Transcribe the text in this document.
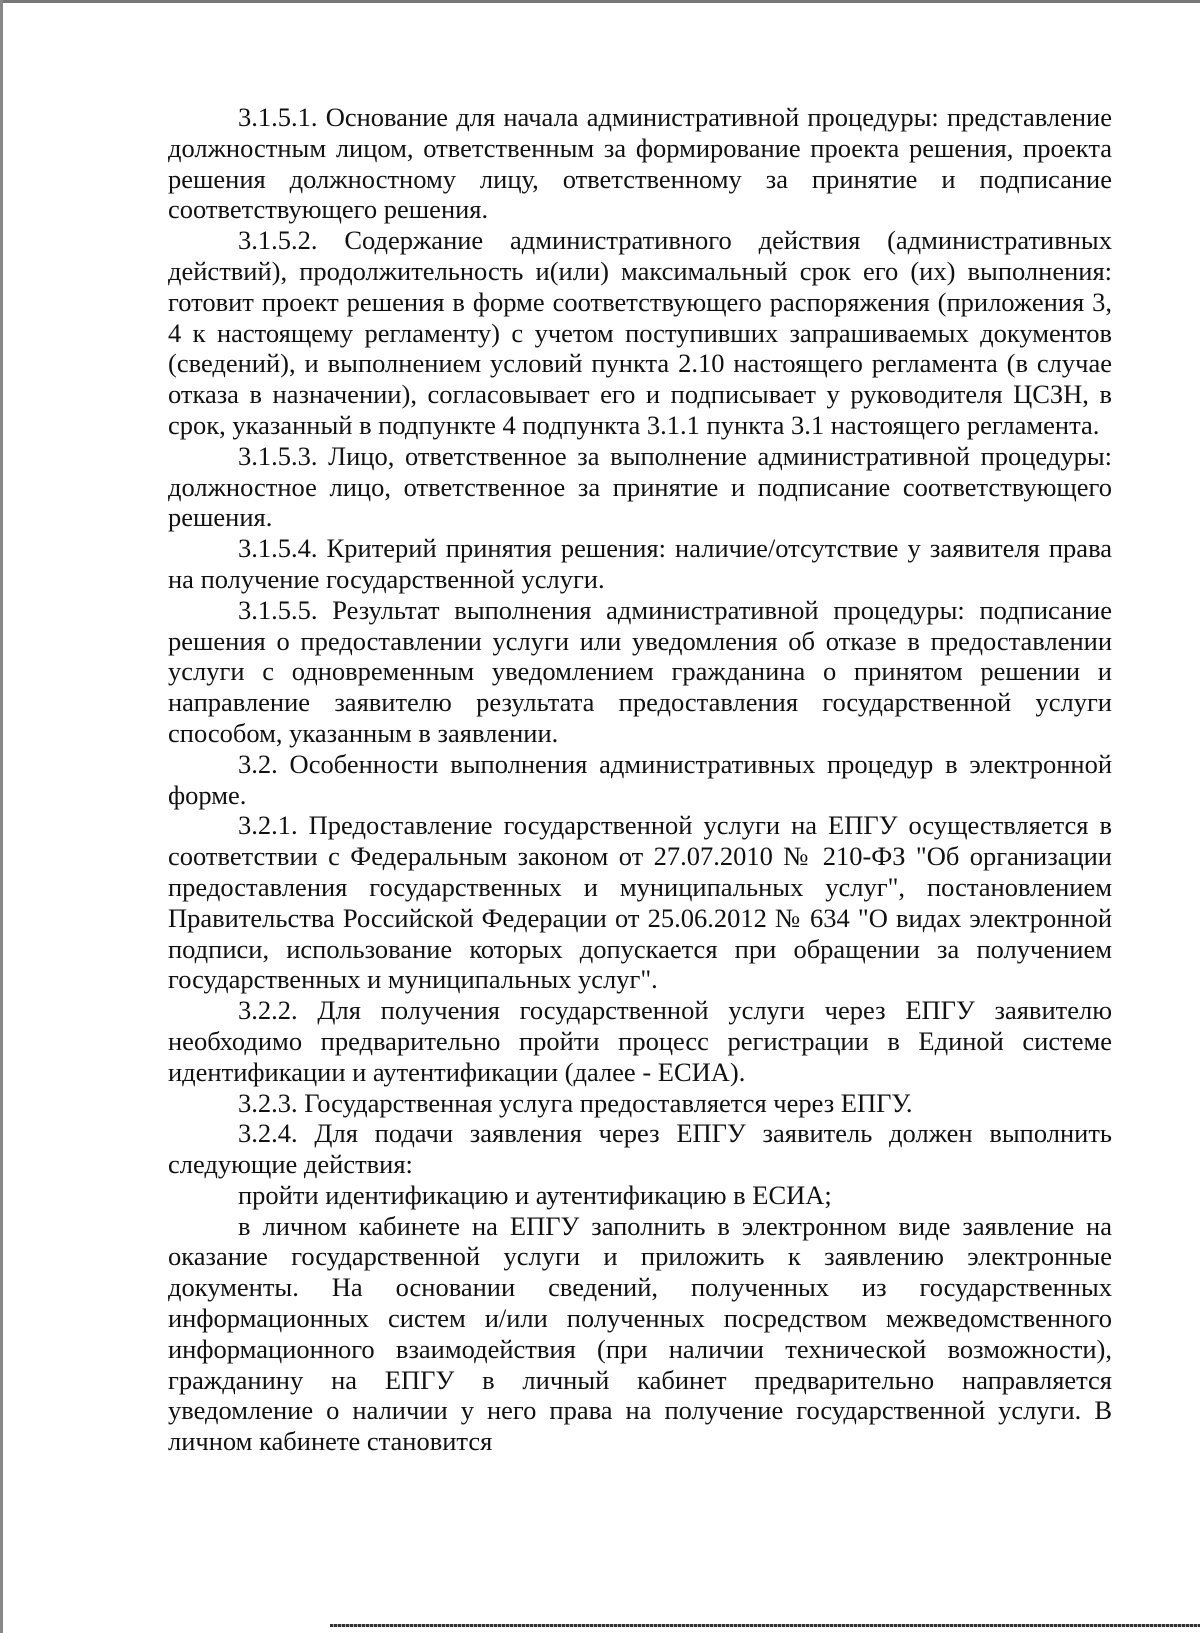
3.1.5.1. Основание для начала административной процедуры: представление должностным лицом, ответственным за формирование проекта решения, проекта решения должностному лицу, ответственному за принятие и подписание соответствующего решения.

3.1.5.2. Содержание административного действия (административных действий), продолжительность и(или) максимальный срок его (их) выполнения: готовит проект решения в форме соответствующего распоряжения (приложения 3, 4 к настоящему регламенту) с учетом поступивших запрашиваемых документов (сведений), и выполнением условий пункта 2.10 настоящего регламента (в случае отказа в назначении), согласовывает его и подписывает у руководителя ЦСЗН, в срок, указанный в подпункте 4 подпункта 3.1.1 пункта 3.1 настоящего регламента.

3.1.5.3. Лицо, ответственное за выполнение административной процедуры: должностное лицо, ответственное за принятие и подписание соответствующего решения.

3.1.5.4. Критерий принятия решения: наличие/отсутствие у заявителя права на получение государственной услуги.

3.1.5.5. Результат выполнения административной процедуры: подписание решения о предоставлении услуги или уведомления об отказе в предоставлении услуги с одновременным уведомлением гражданина о принятом решении и направление заявителю результата предоставления государственной услуги способом, указанным в заявлении.

3.2. Особенности выполнения административных процедур в электронной форме.

3.2.1. Предоставление государственной услуги на ЕПГУ осуществляется в соответствии с Федеральным законом от 27.07.2010 № 210-ФЗ "Об организации предоставления государственных и муниципальных услуг", постановлением Правительства Российской Федерации от 25.06.2012 № 634 "О видах электронной подписи, использование которых допускается при обращении за получением государственных и муниципальных услуг".

3.2.2. Для получения государственной услуги через ЕПГУ заявителю необходимо предварительно пройти процесс регистрации в Единой системе идентификации и аутентификации (далее - ЕСИА).

3.2.3. Государственная услуга предоставляется через ЕПГУ.

3.2.4. Для подачи заявления через ЕПГУ заявитель должен выполнить следующие действия:

пройти идентификацию и аутентификацию в ЕСИА;

в личном кабинете на ЕПГУ заполнить в электронном виде заявление на оказание государственной услуги и приложить к заявлению электронные документы. На основании сведений, полученных из государственных информационных систем и/или полученных посредством межведомственного информационного взаимодействия (при наличии технической возможности), гражданину на ЕПГУ в личный кабинет предварительно направляется уведомление о наличии у него права на получение государственной услуги. В личном кабинете становится
